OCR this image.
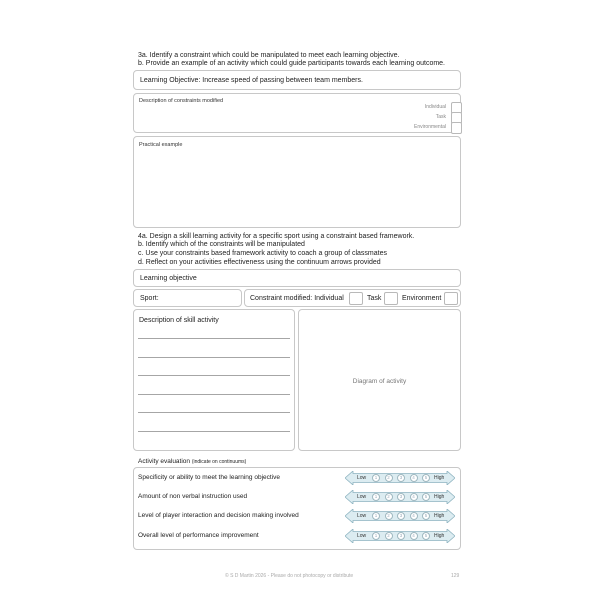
3a. Identify a constraint which could be manipulated to meet each learning objective.
b. Provide an example of an activity which could guide participants towards each learning outcome.
Learning Objective: Increase speed of passing between team members.
Description of constraints modified
Individual
Task
Environmental
Practical example
4a. Design a skill learning activity for a specific sport using a constraint based framework.
b. Identify which of the constraints will be manipulated
c. Use your constraints based framework activity to coach a group of classmates
d. Reflect on your activities effectiveness using the continuum arrows provided
Learning objective
Sport:	Constraint modified: Individual	Task	Environment
Description of skill activity
Diagram of activity
Activity evaluation (indicate on continuums)
Specificity or ability to meet the learning objective	Low	1	2	3	4	5	High
Amount of non verbal instruction used	Low	1	2	3	4	5	High
Level of player interaction and decision making involved	Low	1	2	3	4	5	High
Overall level of performance improvement	Low	1	2	3	4	5	High
© S D Martin 2026 - Please do not photocopy or distribute	129
